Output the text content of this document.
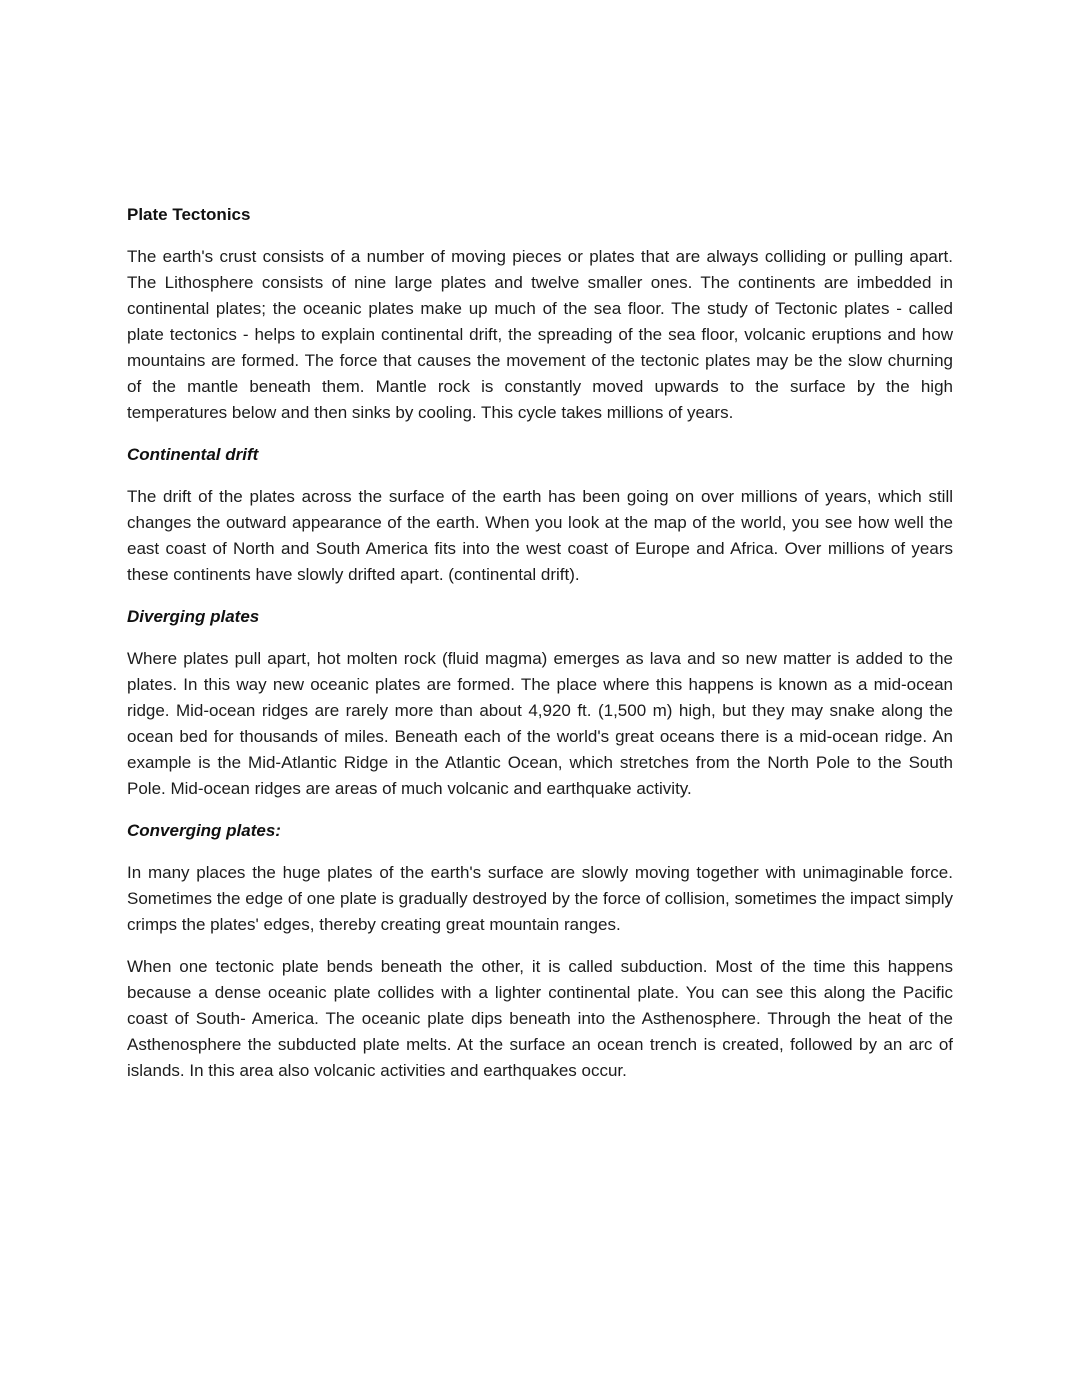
Plate Tectonics

The earth's crust consists of a number of moving pieces or plates that are always colliding or pulling apart. The Lithosphere consists of nine large plates and twelve smaller ones. The continents are imbedded in continental plates; the oceanic plates make up much of the sea floor. The study of Tectonic plates - called plate tectonics - helps to explain continental drift, the spreading of the sea floor, volcanic eruptions and how mountains are formed. The force that causes the movement of the tectonic plates may be the slow churning of the mantle beneath them. Mantle rock is constantly moved upwards to the surface by the high temperatures below and then sinks by cooling. This cycle takes millions of years.

Continental drift

The drift of the plates across the surface of the earth has been going on over millions of years, which still changes the outward appearance of the earth. When you look at the map of the world, you see how well the east coast of North and South America fits into the west coast of Europe and Africa. Over millions of years these continents have slowly drifted apart. (continental drift).

Diverging plates

Where plates pull apart, hot molten rock (fluid magma) emerges as lava and so new matter is added to the plates. In this way new oceanic plates are formed. The place where this happens is known as a mid-ocean ridge. Mid-ocean ridges are rarely more than about 4,920 ft. (1,500 m) high, but they may snake along the ocean bed for thousands of miles. Beneath each of the world's great oceans there is a mid-ocean ridge. An example is the Mid-Atlantic Ridge in the Atlantic Ocean, which stretches from the North Pole to the South Pole. Mid-ocean ridges are areas of much volcanic and earthquake activity.

Converging plates:

In many places the huge plates of the earth's surface are slowly moving together with unimaginable force. Sometimes the edge of one plate is gradually destroyed by the force of collision, sometimes the impact simply crimps the plates' edges, thereby creating great mountain ranges.

When one tectonic plate bends beneath the other, it is called subduction. Most of the time this happens because a dense oceanic plate collides with a lighter continental plate. You can see this along the Pacific coast of South- America. The oceanic plate dips beneath into the Asthenosphere. Through the heat of the Asthenosphere the subducted plate melts. At the surface an ocean trench is created, followed by an arc of islands. In this area also volcanic activities and earthquakes occur.
